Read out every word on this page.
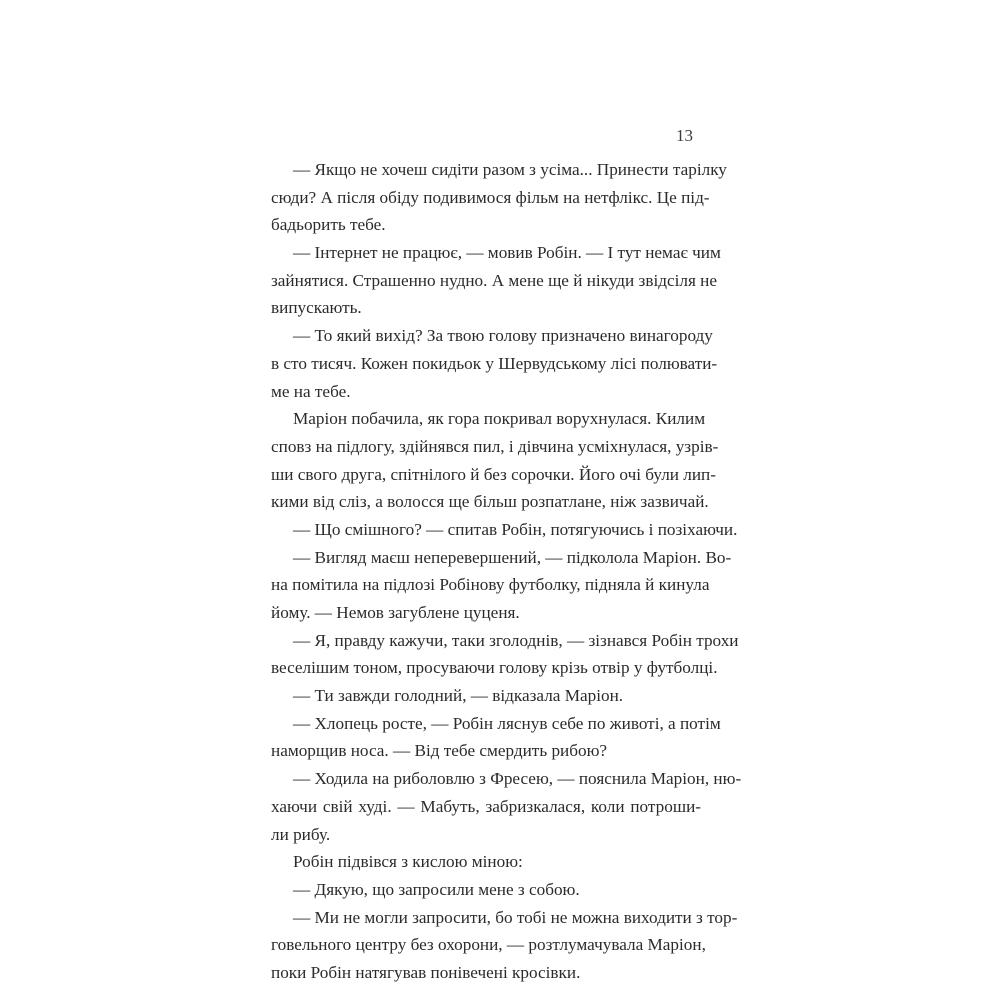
13

— Якщо не хочеш сидіти разом з усіма... Принести тарілку
сюди? А після обіду подивимося фільм на нетфлікс. Це під-
бадьорить тебе.
— Інтернет не працює, — мовив Робін. — І тут немає чим
зайнятися. Страшенно нудно. А мене ще й нікуди звідсіля не
випускають.
— То який вихід? За твою голову призначено винагороду
в сто тисяч. Кожен покидьок у Шервудському лісі полювати-
ме на тебе.
Маріон побачила, як гора покривал ворухнулася. Килим
сповз на підлогу, здійнявся пил, і дівчина усміхнулася, узрів-
ши свого друга, спітнілого й без сорочки. Його очі були лип-
кими від сліз, а волосся ще більш розпатлане, ніж зазвичай.
— Що смішного? — спитав Робін, потягуючись і позіхаючи.
— Вигляд маєш неперевершений, — підколола Маріон. Во-
на помітила на підлозі Робінову футболку, підняла й кинула
йому. — Немов загублене цуценя.
— Я, правду кажучи, таки зголоднів, — зізнався Робін трохи
веселішим тоном, просуваючи голову крізь отвір у футболці.
— Ти завжди голодний, — відказала Маріон.
— Хлопець росте, — Робін ляснув себе по животі, а потім
наморщив носа. — Від тебе смердить рибою?
— Ходила на риболовлю з Фресею, — пояснила Маріон, ню-
хаючи свій худі. — Мабуть, забризкалася, коли потроши-
ли рибу.
Робін підвівся з кислою міною:
— Дякую, що запросили мене з собою.
— Ми не могли запросити, бо тобі не можна виходити з тор-
говельного центру без охорони, — розтлумачувала Маріон,
поки Робін натягував понівечені кросівки.
